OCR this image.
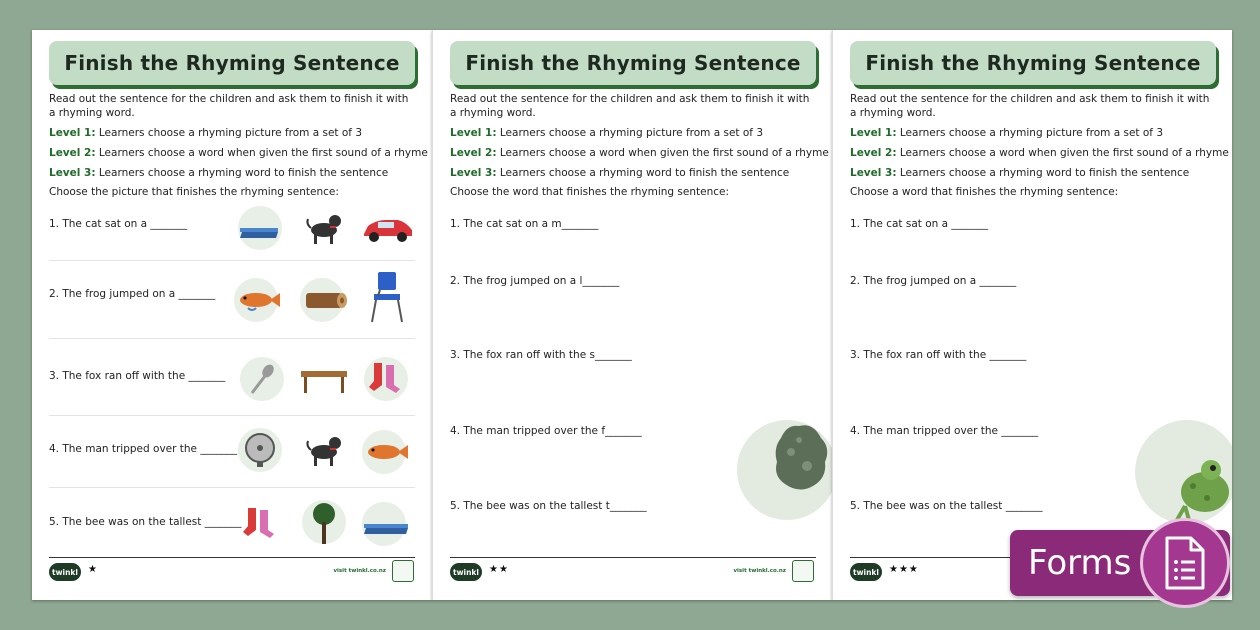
Finish the Rhyming Sentence
Read out the sentence for the children and ask them to finish it with a rhyming word.
Level 1: Learners choose a rhyming picture from a set of 3
Level 2: Learners choose a word when given the first sound of a rhyme
Level 3: Learners choose a rhyming word to finish the sentence
Choose the picture that finishes the rhyming sentence:
1. The cat sat on a _______
2. The frog jumped on a _______
3. The fox ran off with the _______
4. The man tripped over the _______
5. The bee was on the tallest _______
twinkl	★	visit twinkl.co.nz
Finish the Rhyming Sentence
Read out the sentence for the children and ask them to finish it with a rhyming word.
Level 1: Learners choose a rhyming picture from a set of 3
Level 2: Learners choose a word when given the first sound of a rhyme
Level 3: Learners choose a rhyming word to finish the sentence
Choose the word that finishes the rhyming sentence:
1. The cat sat on a m_______
2. The frog jumped on a l_______
3. The fox ran off with the s_______
4. The man tripped over the f_______
5. The bee was on the tallest t_______
twinkl	★★	visit twinkl.co.nz
Finish the Rhyming Sentence
Read out the sentence for the children and ask them to finish it with a rhyming word.
Level 1: Learners choose a rhyming picture from a set of 3
Level 2: Learners choose a word when given the first sound of a rhyme
Level 3: Learners choose a rhyming word to finish the sentence
Choose a word that finishes the rhyming sentence:
1. The cat sat on a _______
2. The frog jumped on a _______
3. The fox ran off with the _______
4. The man tripped over the _______
5. The bee was on the tallest _______
twinkl	★★★	Forms
